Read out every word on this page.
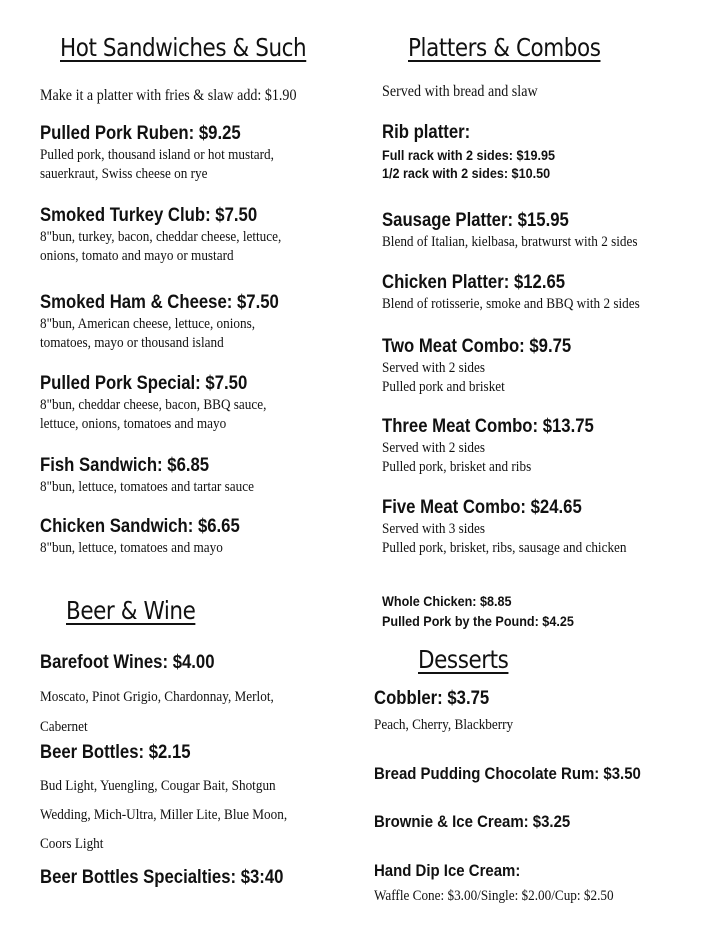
Hot Sandwiches & Such
Make it a platter with fries & slaw add: $1.90
Pulled Pork Ruben: $9.25
Pulled pork, thousand island or hot mustard,
sauerkraut, Swiss cheese on rye
Smoked Turkey Club: $7.50
8"bun, turkey, bacon, cheddar cheese, lettuce,
onions, tomato and mayo or mustard
Smoked Ham & Cheese: $7.50
8"bun, American cheese, lettuce, onions,
tomatoes, mayo or thousand island
Pulled Pork Special: $7.50
8"bun, cheddar cheese, bacon, BBQ sauce,
lettuce, onions, tomatoes and mayo
Fish Sandwich: $6.85
8"bun, lettuce, tomatoes and tartar sauce
Chicken Sandwich: $6.65
8"bun, lettuce, tomatoes and mayo
Beer & Wine
Barefoot Wines: $4.00
Moscato, Pinot Grigio, Chardonnay, Merlot,
Cabernet
Beer Bottles: $2.15
Bud Light, Yuengling, Cougar Bait, Shotgun
Wedding, Mich-Ultra, Miller Lite, Blue Moon,
Coors Light
Beer Bottles Specialties: $3:40
Platters & Combos
Served with bread and slaw
Rib platter:
Full rack with 2 sides: $19.95
1/2 rack with 2 sides: $10.50
Sausage Platter: $15.95
Blend of Italian, kielbasa, bratwurst with 2 sides
Chicken Platter: $12.65
Blend of rotisserie, smoke and BBQ with 2 sides
Two Meat Combo: $9.75
Served with 2 sides
Pulled pork and brisket
Three Meat Combo: $13.75
Served with 2 sides
Pulled pork, brisket and ribs
Five Meat Combo: $24.65
Served with 3 sides
Pulled pork, brisket, ribs, sausage and chicken
Whole Chicken: $8.85
Pulled Pork by the Pound: $4.25
Desserts
Cobbler: $3.75
Peach, Cherry, Blackberry
Bread Pudding Chocolate Rum: $3.50
Brownie & Ice Cream: $3.25
Hand Dip Ice Cream:
Waffle Cone: $3.00/Single: $2.00/Cup: $2.50
